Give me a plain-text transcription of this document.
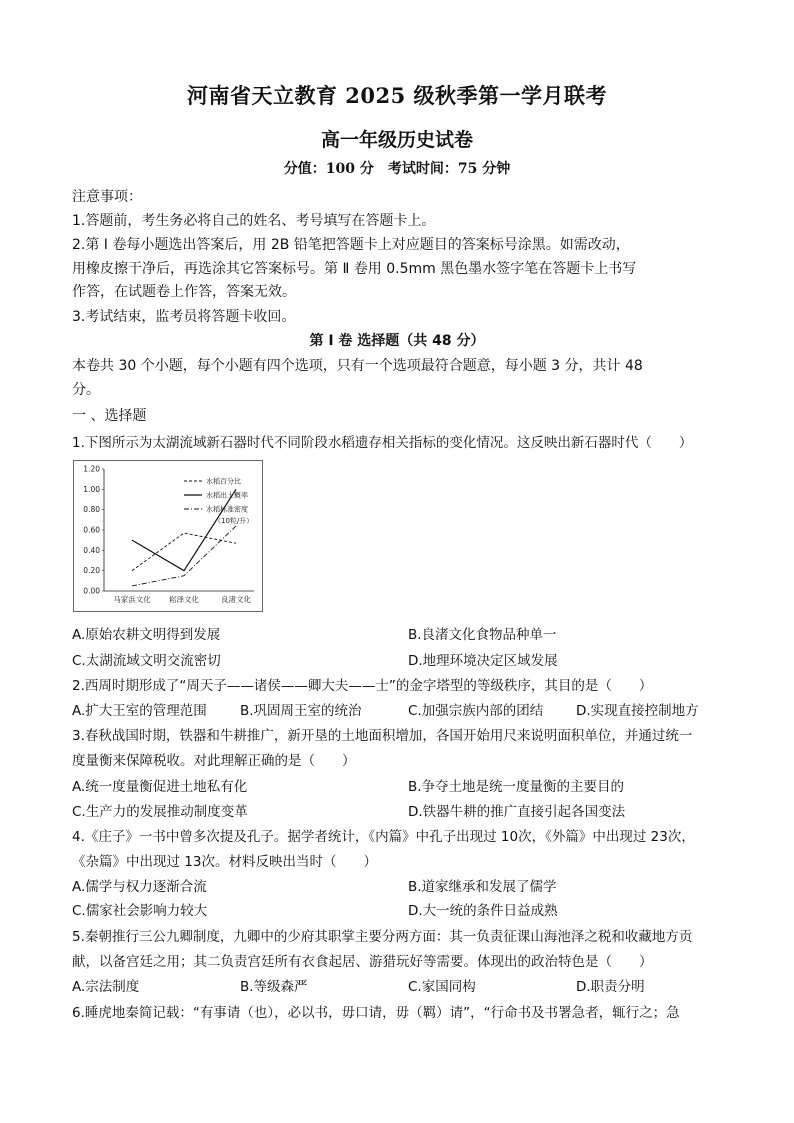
河南省天立教育 2025 级秋季第一学月联考
高一年级历史试卷
分值：100 分　考试时间：75 分钟
注意事项：
1.答题前，考生务必将自己的姓名、考号填写在答题卡上。
2.第 Ⅰ 卷每小题选出答案后，用 2B 铅笔把答题卡上对应题目的答案标号涂黑。如需改动，
用橡皮擦干净后，再选涂其它答案标号。第 Ⅱ 卷用 0.5mm 黑色墨水签字笔在答题卡上书写
作答，在试题卷上作答，答案无效。
3.考试结束，监考员将答题卡收回。
第 Ⅰ 卷 选择题（共 48 分）
本卷共 30 个小题，每个小题有四个选项，只有一个选项最符合题意，每小题 3 分，共计 48
分。
一 、选择题
1.下图所示为太湖流域新石器时代不同阶段水稻遗存相关指标的变化情况。这反映出新石器时代（　　）
0.00
0.20
0.40
0.60
0.80
1.00
1.20
马家浜文化 崧泽文化	良渚文化
水稻百分比
水稻出土概率
水稻标准密度
（10粒/升）
A.原始农耕文明得到发展	B.良渚文化食物品种单一
C.太湖流域文明交流密切	D.地理环境决定区域发展
2.西周时期形成了“周天子——诸侯——卿大夫——士”的金字塔型的等级秩序，其目的是（　　）
A.扩大王室的管理范围 B.巩固周王室的统治	C.加强宗族内部的团结 D.实现直接控制地方
3.春秋战国时期，铁器和牛耕推广，新开垦的土地面积增加，各国开始用尺来说明面积单位，并通过统一
度量衡来保障税收。对此理解正确的是（　　）
A.统一度量衡促进土地私有化	B.争夺土地是统一度量衡的主要目的
C.生产力的发展推动制度变革	D.铁器牛耕的推广直接引起各国变法
4.《庄子》一书中曾多次提及孔子。据学者统计，《内篇》中孔子出现过 10次，《外篇》中出现过 23次，
《杂篇》中出现过 13次。材料反映出当时（　　）
A.儒学与权力逐渐合流	B.道家继承和发展了儒学
C.儒家社会影响力较大	D.大一统的条件日益成熟
5.秦朝推行三公九卿制度，九卿中的少府其职掌主要分两方面：其一负责征课山海池泽之税和收藏地方贡
献，以备宫廷之用；其二负责宫廷所有衣食起居、游猎玩好等需要。体现出的政治特色是（　　）
A.宗法制度	B.等级森严	C.家国同构	D.职责分明
6.睡虎地秦简记载：“有事请（也），必以书，毋口请，毋（羁）请”，“行命书及书署急者，辄行之；急
